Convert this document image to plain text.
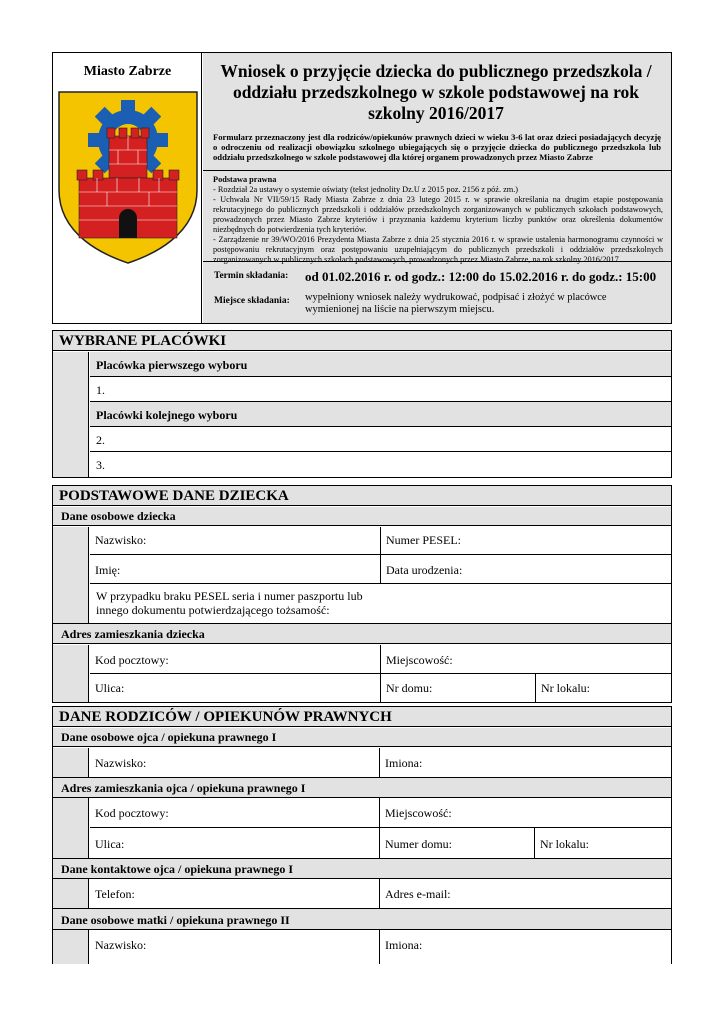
Miasto Zabrze	Wniosek o przyjęcie dziecka do publicznego przedszkola / oddziału przedszkolnego w szkole podstawowej na rok szkolny 2016/2017
Formularz przeznaczony jest dla rodziców/opiekunów prawnych dzieci w wieku 3-6 lat oraz dzieci posiadających decyzję o odroczeniu od realizacji obowiązku szkolnego ubiegających się o przyjęcie dziecka do publicznego przedszkola lub oddziału przedszkolnego w szkole podstawowej dla której organem prowadzonych przez Miasto Zabrze
Podstawa prawna
- Rozdział 2a ustawy o systemie oświaty (tekst jednolity Dz.U z 2015 poz. 2156 z póź. zm.)
- Uchwała Nr VII/59/15 Rady Miasta Zabrze z dnia 23 lutego 2015 r. w sprawie określania na drugim etapie postępowania rekrutacyjnego do publicznych przedszkoli i oddziałów przedszkolnych zorganizowanych w publicznych szkołach podstawowych, prowadzonych przez Miasto Zabrze kryteriów i przyznania każdemu kryterium liczby punktów oraz określenia dokumentów niezbędnych do potwierdzenia tych kryteriów.
- Zarządzenie nr 39/WO/2016 Prezydenta Miasta Zabrze z dnia 25 stycznia 2016 r. w sprawie ustalenia harmonogramu czynności w postępowaniu rekrutacyjnym oraz postępowaniu uzupełniającym do publicznych przedszkoli i oddziałów przedszkolnych zorganizowanych w publicznych szkołach podstawowych, prowadzonych przez Miasto Zabrze, na rok szkolny 2016/2017.
Termin składania: od 01.02.2016 r. od godz.: 12:00 do 15.02.2016 r. do godz.: 15:00
Miejsce składania: wypełniony wniosek należy wydrukować, podpisać i złożyć w placówce wymienionej na liście na pierwszym miejscu.
WYBRANE PLACÓWKI
Placówka pierwszego wyboru
1.
Placówki kolejnego wyboru
2.
3.
PODSTAWOWE DANE DZIECKA
Dane osobowe dziecka
Nazwisko:	Numer PESEL:
Imię:	Data urodzenia:
W przypadku braku PESEL seria i numer paszportu lub innego dokumentu potwierdzającego tożsamość:
Adres zamieszkania dziecka
Kod pocztowy:	Miejscowość:
Ulica:	Nr domu:	Nr lokalu:
DANE RODZICÓW / OPIEKUNÓW PRAWNYCH
Dane osobowe ojca / opiekuna prawnego I
Nazwisko:	Imiona:
Adres zamieszkania ojca / opiekuna prawnego I
Kod pocztowy:	Miejscowość:
Ulica:	Numer domu:	Nr lokalu:
Dane kontaktowe ojca / opiekuna prawnego I
Telefon:	Adres e-mail:
Dane osobowe matki / opiekuna prawnego II
Nazwisko:	Imiona:
